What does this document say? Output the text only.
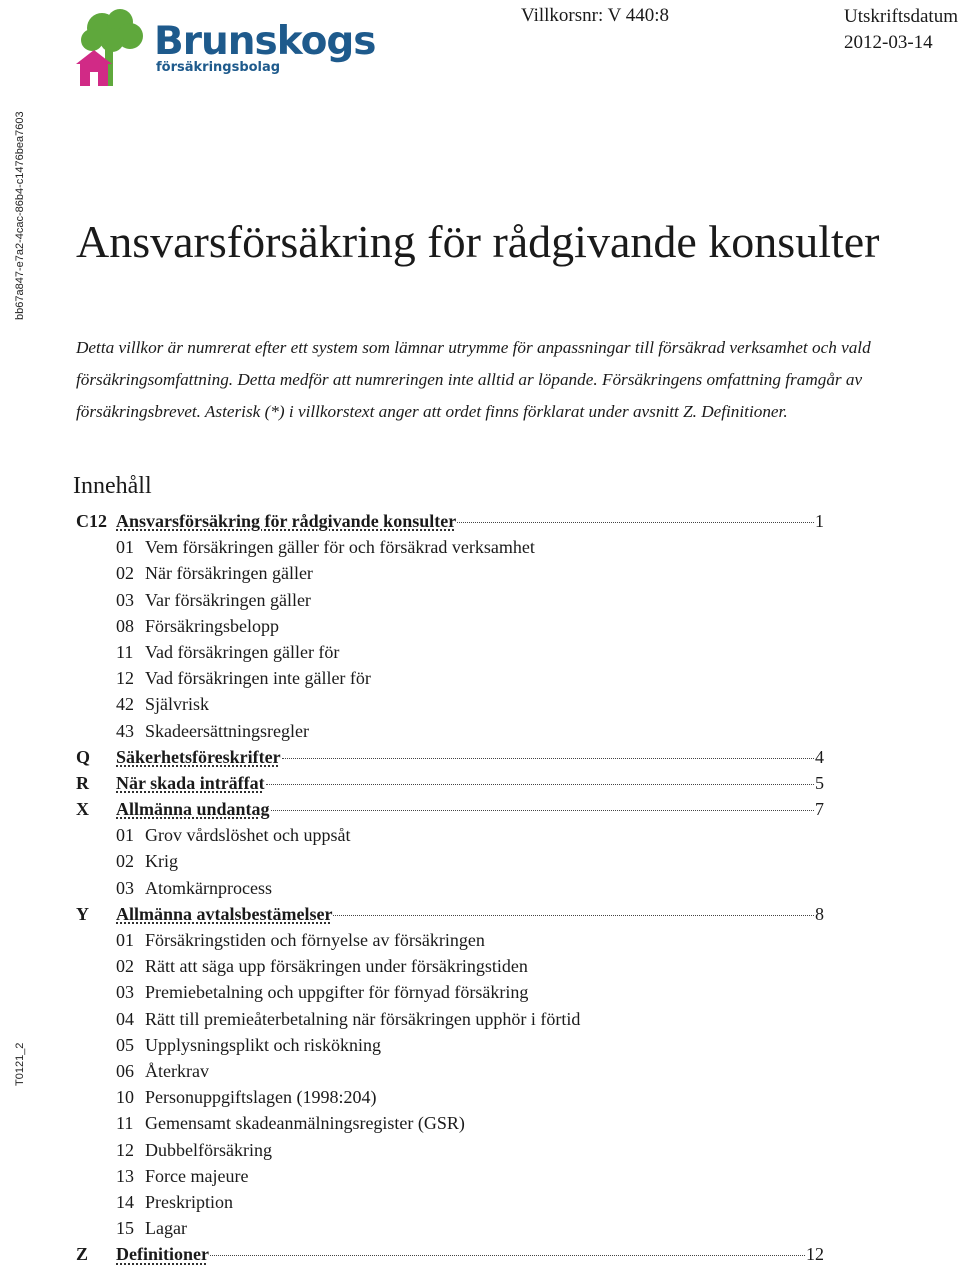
Brunskogs
försäkringsbolag
Villkorsnr: V 440:8	Utskriftsdatum
2012-03-14
bb67a847-e7a2-4cac-86b4-c1476bea7603
T0121_2
Ansvarsförsäkring för rådgivande konsulter

Detta villkor är numrerat efter ett system som lämnar utrymme för anpassningar till försäkrad verksamhet och vald försäkringsomfattning. Detta medför att numreringen inte alltid ar löpande. Försäkringens omfattning framgår av försäkringsbrevet. Asterisk (*) i villkorstext anger att ordet finns förklarat under avsnitt Z. Definitioner.

Innehåll
C12 Ansvarsförsäkring för rådgivande konsulter	1
01 Vem försäkringen gäller för och försäkrad verksamhet
02 När försäkringen gäller
03 Var försäkringen gäller
08 Försäkringsbelopp
11 Vad försäkringen gäller för
12 Vad försäkringen inte gäller för
42 Självrisk
43 Skadeersättningsregler
Q Säkerhetsföreskrifter	4
R När skada inträffat	5
X Allmänna undantag	7
01 Grov vårdslöshet och uppsåt
02 Krig
03 Atomkärnprocess
Y Allmänna avtalsbestämelser	8
01 Försäkringstiden och förnyelse av försäkringen
02 Rätt att säga upp försäkringen under försäkringstiden
03 Premiebetalning och uppgifter för förnyad försäkring
04 Rätt till premieåterbetalning när försäkringen upphör i förtid
05 Upplysningsplikt och riskökning
06 Återkrav
10 Personuppgiftslagen (1998:204)
11 Gemensamt skadeanmälningsregister (GSR)
12 Dubbelförsäkring
13 Force majeure
14 Preskription
15 Lagar
Z Definitioner	12
